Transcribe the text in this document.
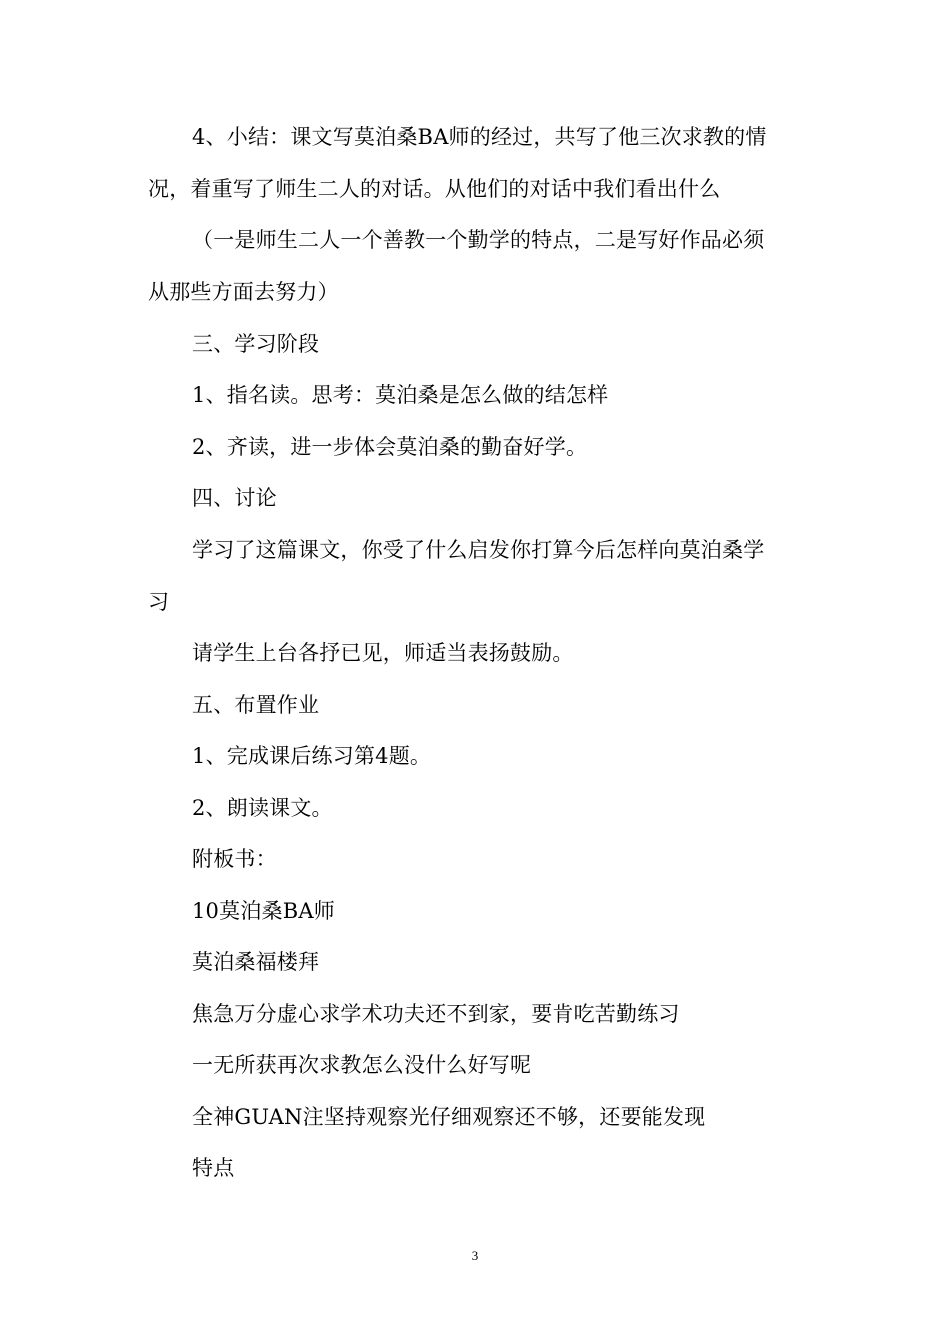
4、小结：课文写莫泊桑BA师的经过，共写了他三次求教的情
况，着重写了师生二人的对话。从他们的对话中我们看出什么
（一是师生二人一个善教一个勤学的特点，二是写好作品必须
从那些方面去努力）
三、学习阶段
1、指名读。思考：莫泊桑是怎么做的结怎样
2、齐读，进一步体会莫泊桑的勤奋好学。
四、讨论
学习了这篇课文，你受了什么启发你打算今后怎样向莫泊桑学
习
请学生上台各抒已见，师适当表扬鼓励。
五、布置作业
1、完成课后练习第4题。
2、朗读课文。
附板书：
10莫泊桑BA师
莫泊桑福楼拜
焦急万分虚心求学术功夫还不到家，要肯吃苦勤练习
一无所获再次求教怎么没什么好写呢
全神GUAN注坚持观察光仔细观察还不够，还要能发现
特点
3
